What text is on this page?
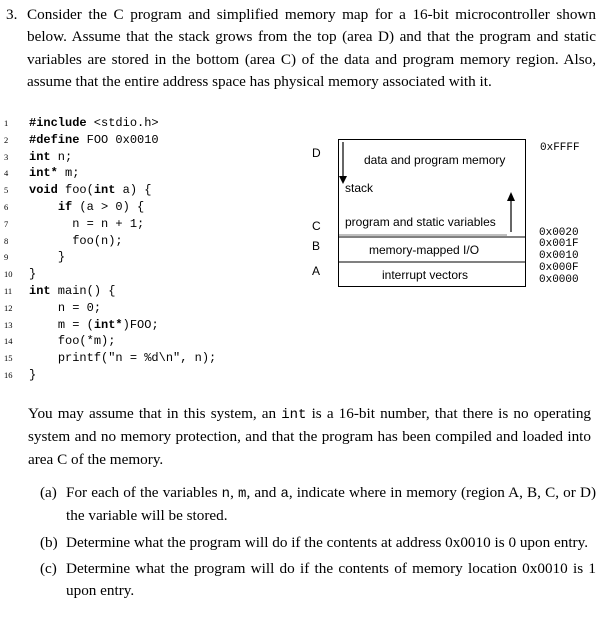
3. Consider the C program and simplified memory map for a 16-bit microcontroller shown below. Assume that the stack grows from the top (area D) and that the program and static variables are stored in the bottom (area C) of the data and program memory region. Also, assume that the entire address space has physical memory associated with it.
1	#include <stdio.h>
2	#define FOO 0x0010
3	int n;
4	int* m;
5	void foo(int a) {
6	if (a > 0) {
7	n = n + 1;
8	foo(n);
9	}
10 }
11	int main() {
12	n = 0;
13	m = (int*)FOO;
14	foo(*m);
15	printf("n = %d\n", n);
16 }
D
C
B
A
data and program memory
stack
program and static variables
memory-mapped I/O
interrupt vectors
0xFFFF
0x0020
0x001F
0x0010
0x000F
0x0000
You may assume that in this system, an int is a 16-bit number, that there is no operating system and no memory protection, and that the program has been compiled and loaded into area C of the memory.
(a) For each of the variables n, m, and a, indicate where in memory (region A, B, C, or D) the variable will be stored.
(b) Determine what the program will do if the contents at address 0x0010 is 0 upon entry.
(c) Determine what the program will do if the contents of memory location 0x0010 is 1 upon entry.
